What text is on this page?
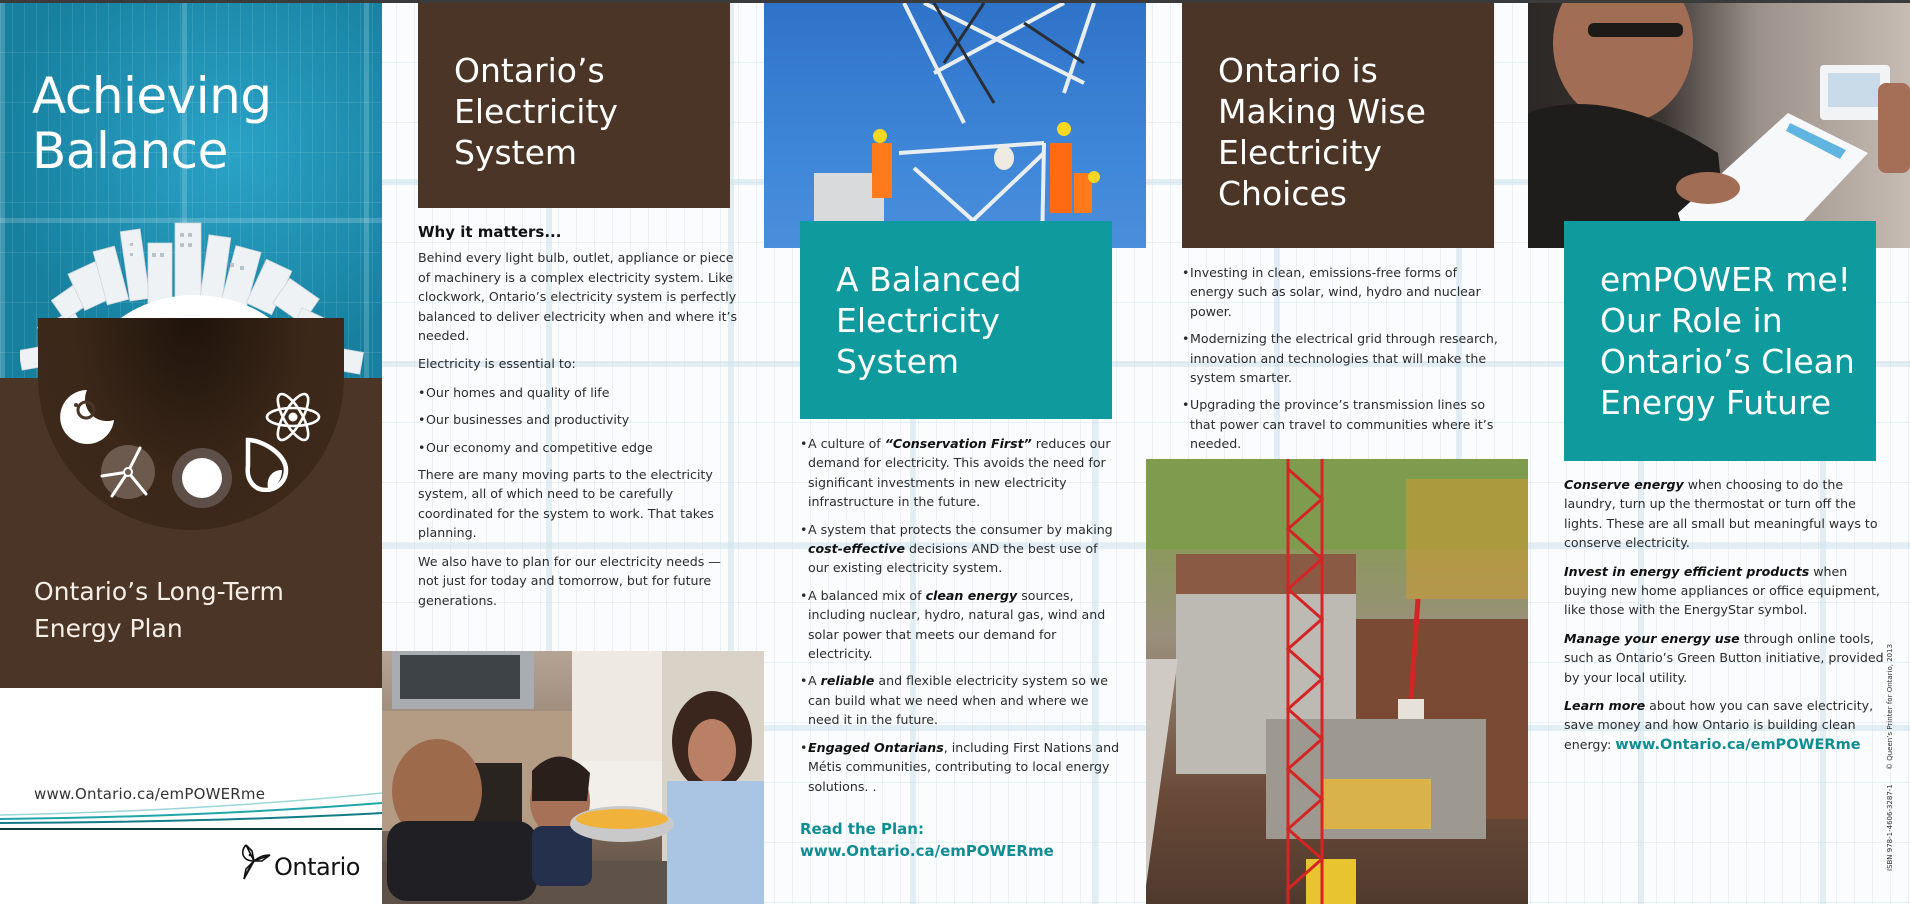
Achieving
Balance
Ontario’s Long-Term
Energy Plan
www.Ontario.ca/emPOWERme
Ontario
Ontario’s
Electricity
System
Why it matters...

Behind every light bulb, outlet, appliance or piece of machinery is a complex electricity system. Like clockwork, Ontario’s electricity system is perfectly balanced to deliver electricity when and where it’s needed.

Electricity is essential to:

• Our homes and quality of life
• Our businesses and productivity
• Our economy and competitive edge

There are many moving parts to the electricity system, all of which need to be carefully coordinated for the system to work. That takes planning.

We also have to plan for our electricity needs — not just for today and tomorrow, but for future generations.

A Balanced
Electricity
System
• A culture of “Conservation First” reduces our demand for electricity. This avoids the need for significant investments in new electricity infrastructure in the future.
• A system that protects the consumer by making cost-effective decisions AND the best use of our existing electricity system.
• A balanced mix of clean energy sources, including nuclear, hydro, natural gas, wind and solar power that meets our demand for electricity.
• A reliable and flexible electricity system so we can build what we need when and where we need it in the future.
• Engaged Ontarians, including First Nations and Métis communities, contributing to local energy solutions. .
Read the Plan:
www.Ontario.ca/emPOWERme
Ontario is
Making Wise
Electricity
Choices
• Investing in clean, emissions-free forms of energy such as solar, wind, hydro and nuclear power.
• Modernizing the electrical grid through research, innovation and technologies that will make the system smarter.
• Upgrading the province’s transmission lines so that power can travel to communities where it’s needed.
emPOWER me!
Our Role in
Ontario’s Clean
Energy Future

Conserve energy when choosing to do the laundry, turn up the thermostat or turn off the lights. These are all small but meaningful ways to conserve electricity.

Invest in energy efficient products when buying new home appliances or office equipment, like those with the EnergyStar symbol.

Manage your energy use through online tools, such as Ontario’s Green Button initiative, provided by your local utility.

Learn more about how you can save electricity, save money and how Ontario is building clean energy: www.Ontario.ca/emPOWERme

ISBN 978-1-4606-3287-1 © Queen’s Printer for Ontario, 2013
